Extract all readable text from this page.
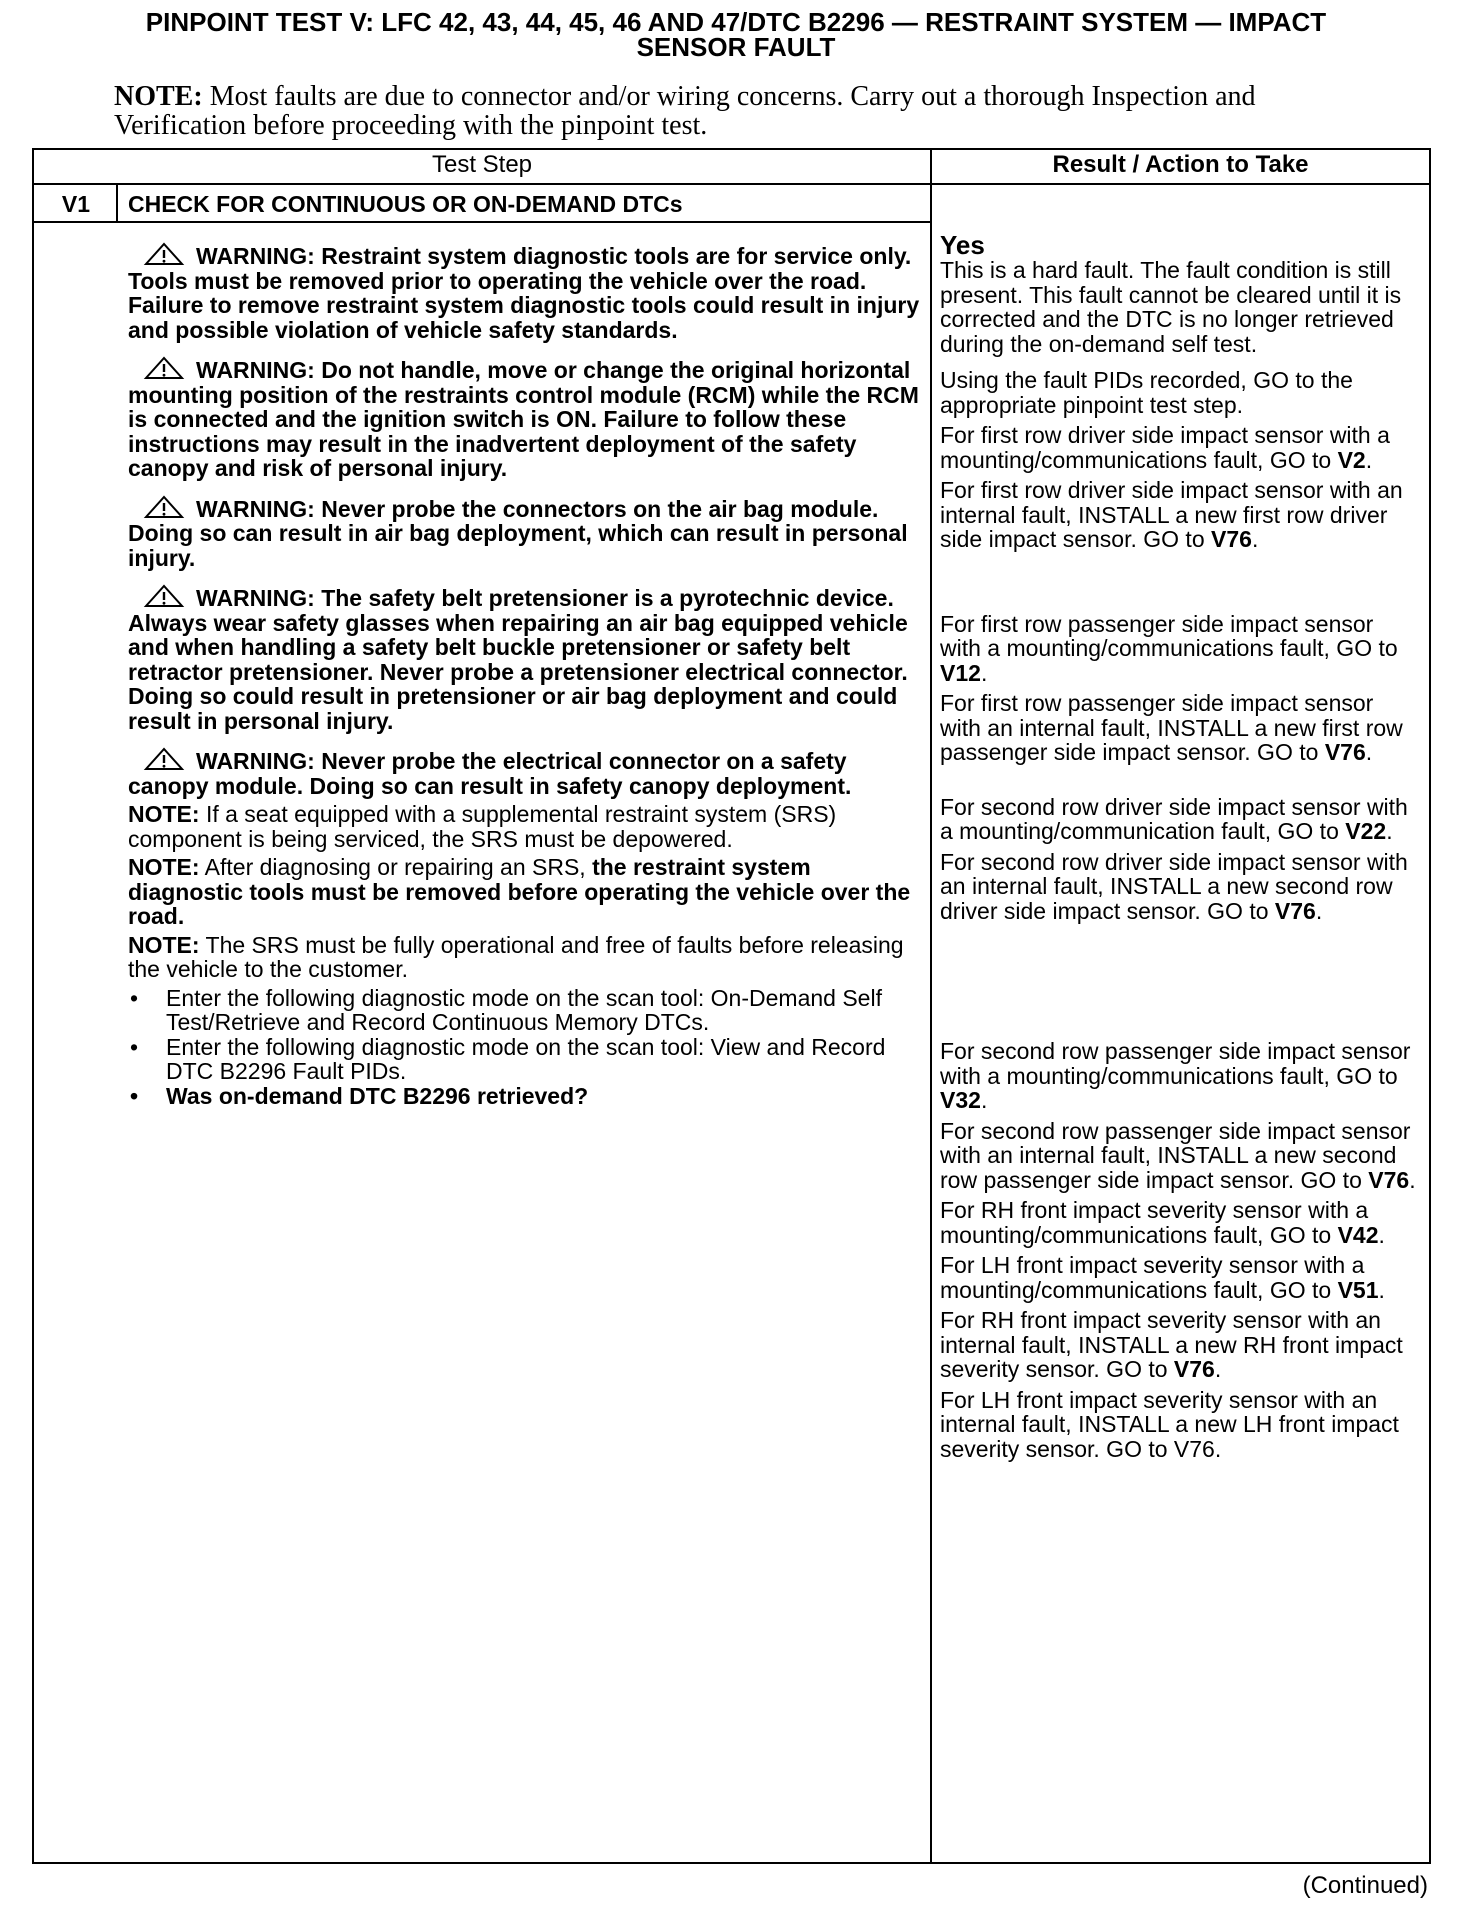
PINPOINT TEST V: LFC 42, 43, 44, 45, 46 AND 47/DTC B2296 — RESTRAINT SYSTEM — IMPACT
SENSOR FAULT
NOTE: Most faults are due to connector and/or wiring concerns. Carry out a thorough Inspection and Verification before proceeding with the pinpoint test.
Test Step	Result / Action to Take
V1	CHECK FOR CONTINUOUS OR ON-DEMAND DTCs
WARNING: Restraint system diagnostic tools are for service only. Tools must be removed prior to operating the vehicle over the road. Failure to remove restraint system diagnostic tools could result in injury and possible violation of vehicle safety standards.
WARNING: Do not handle, move or change the original horizontal mounting position of the restraints control module (RCM) while the RCM is connected and the ignition switch is ON. Failure to follow these instructions may result in the inadvertent deployment of the safety canopy and risk of personal injury.
WARNING: Never probe the connectors on the air bag module. Doing so can result in air bag deployment, which can result in personal injury.
WARNING: The safety belt pretensioner is a pyrotechnic device. Always wear safety glasses when repairing an air bag equipped vehicle and when handling a safety belt buckle pretensioner or safety belt retractor pretensioner. Never probe a pretensioner electrical connector. Doing so could result in pretensioner or air bag deployment and could result in personal injury.
WARNING: Never probe the electrical connector on a safety canopy module. Doing so can result in safety canopy deployment.
NOTE: If a seat equipped with a supplemental restraint system (SRS) component is being serviced, the SRS must be depowered.
NOTE: After diagnosing or repairing an SRS, the restraint system diagnostic tools must be removed before operating the vehicle over the road.
NOTE: The SRS must be fully operational and free of faults before releasing the vehicle to the customer.
• Enter the following diagnostic mode on the scan tool: On-Demand Self Test/Retrieve and Record Continuous Memory DTCs.
• Enter the following diagnostic mode on the scan tool: View and Record DTC B2296 Fault PIDs.
• Was on-demand DTC B2296 retrieved?
Yes

This is a hard fault. The fault condition is still present. This fault cannot be cleared until it is corrected and the DTC is no longer retrieved during the on-demand self test.

Using the fault PIDs recorded, GO to the appropriate pinpoint test step.

For first row driver side impact sensor with a mounting/communications fault, GO to V2.

For first row driver side impact sensor with an internal fault, INSTALL a new first row driver side impact sensor. GO to V76.

For first row passenger side impact sensor with a mounting/communications fault, GO to V12.

For first row passenger side impact sensor with an internal fault, INSTALL a new first row passenger side impact sensor. GO to V76.

For second row driver side impact sensor with a mounting/communication fault, GO to V22.

For second row driver side impact sensor with an internal fault, INSTALL a new second row driver side impact sensor. GO to V76.

For second row passenger side impact sensor with a mounting/communications fault, GO to V32.

For second row passenger side impact sensor with an internal fault, INSTALL a new second row passenger side impact sensor. GO to V76.

For RH front impact severity sensor with a mounting/communications fault, GO to V42.

For LH front impact severity sensor with a mounting/communications fault, GO to V51.

For RH front impact severity sensor with an internal fault, INSTALL a new RH front impact severity sensor. GO to V76.

For LH front impact severity sensor with an internal fault, INSTALL a new LH front impact severity sensor. GO to V76.

(Continued)
